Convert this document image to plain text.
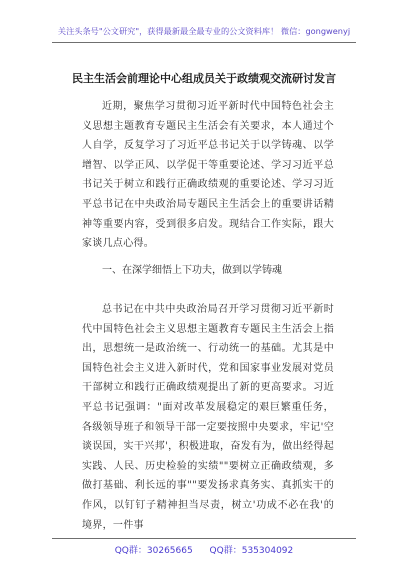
关注头条号"公文研究"，获得最新最全最专业的公文资料库！ 微信：gongwenyj
民主生活会前理论中心组成员关于政绩观交流研讨发言

近期，聚焦学习贯彻习近平新时代中国特色社会主义思想主题教育专题民主生活会有关要求，本人通过个人自学，反复学习了习近平总书记关于以学铸魂、以学增智、以学正风、以学促干等重要论述、学习习近平总书记关于树立和践行正确政绩观的重要论述、学习习近平总书记在中央政治局专题民主生活会上的重要讲话精神等重要内容，受到很多启发。现结合工作实际，跟大家谈几点心得。

一、在深学细悟上下功夫，做到以学铸魂

总书记在中共中央政治局召开学习贯彻习近平新时代中国特色社会主义思想主题教育专题民主生活会上指出，思想统一是政治统一、行动统一的基础。尤其是中国特色社会主义进入新时代，党和国家事业发展对党员干部树立和践行正确政绩观提出了新的更高要求。习近平总书记强调："面对改革发展稳定的艰巨繁重任务，各级领导班子和领导干部一定要按照中央要求，牢记'空谈误国，实干兴邦'，积极进取，奋发有为，做出经得起实践、人民、历史检验的实绩""要树立正确政绩观，多做打基础、利长远的事""要发扬求真务实、真抓实干的作风，以钉钉子精神担当尽责，树立'功成不必在我'的境界，一件事

QQ群：30265665 QQ群：535304092
